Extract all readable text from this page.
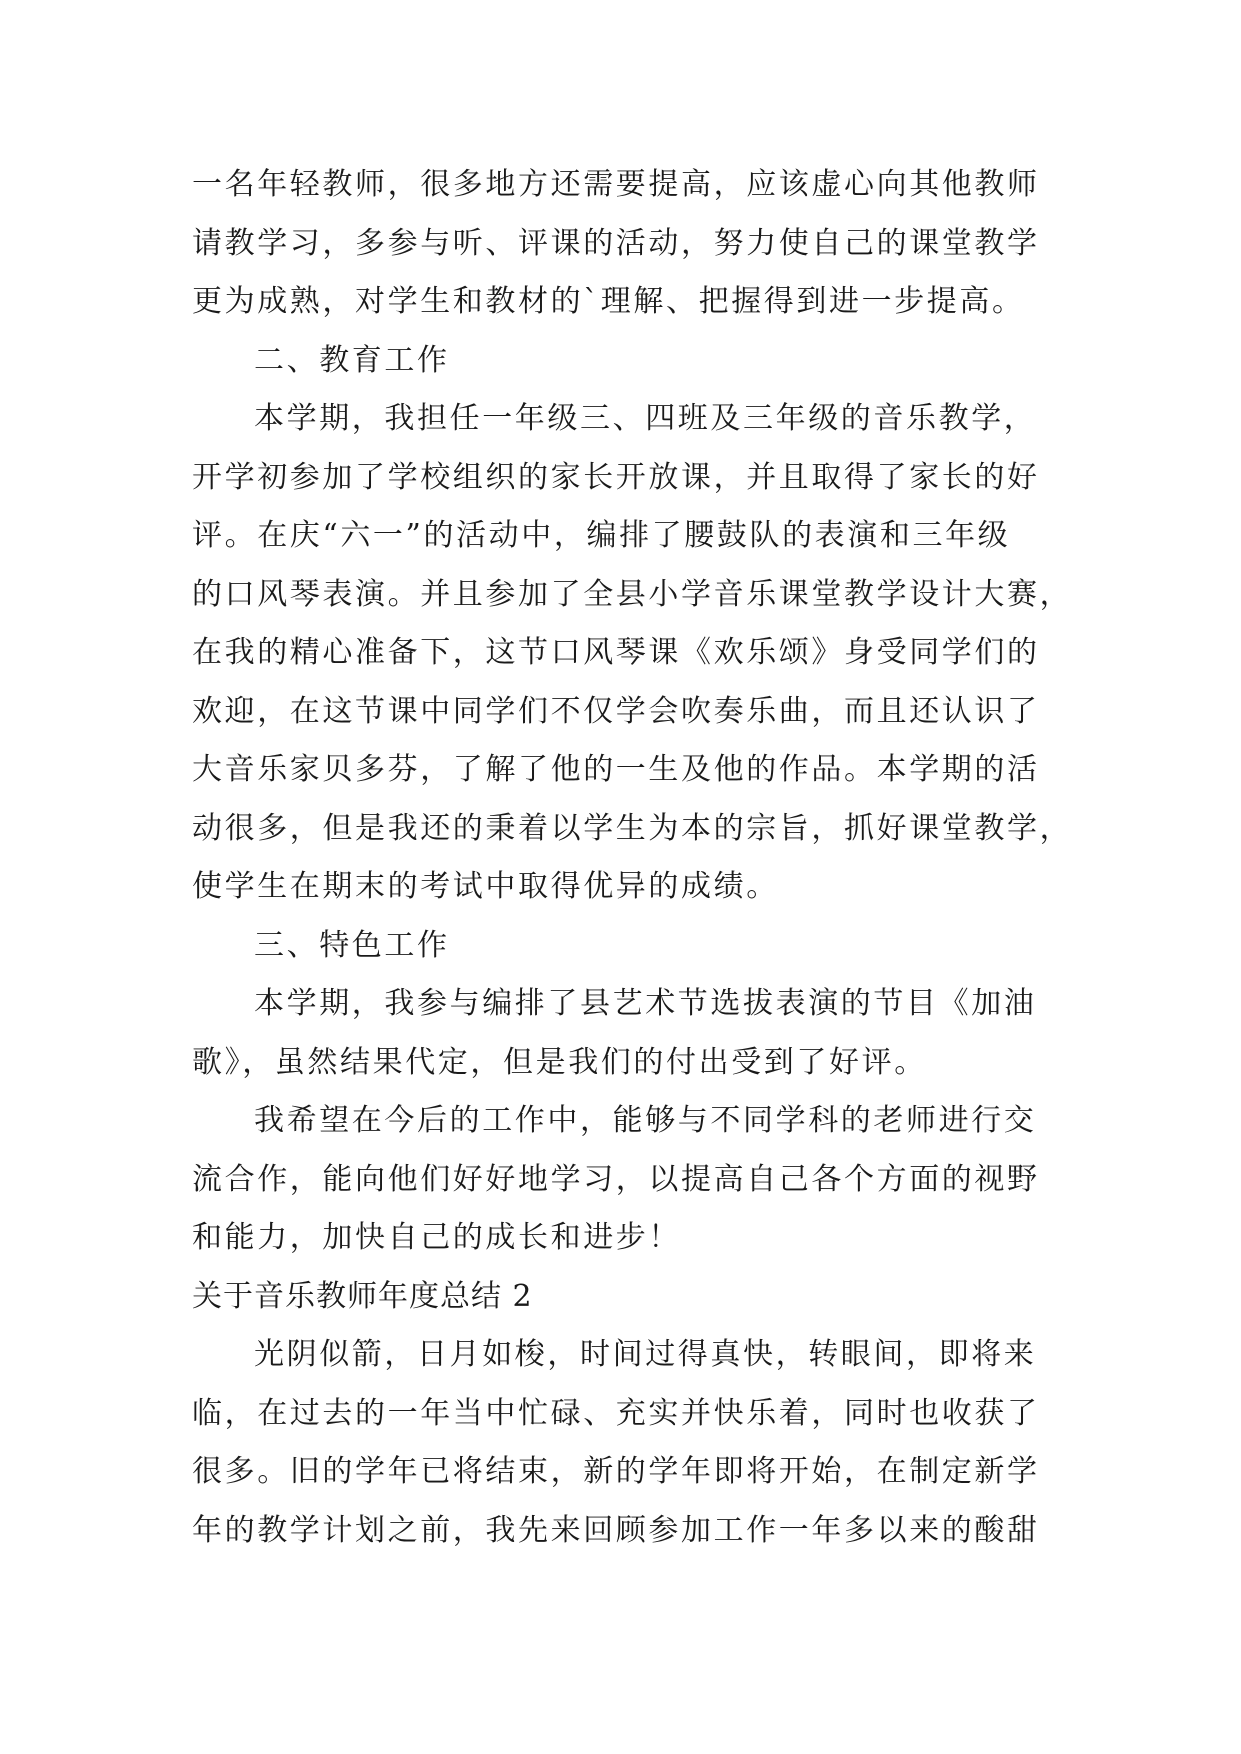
一名年轻教师，很多地方还需要提高，应该虚心向其他教师

请教学习，多参与听、评课的活动，努力使自己的课堂教学

更为成熟，对学生和教材的`理解、把握得到进一步提高。

二、教育工作

本学期，我担任一年级三、四班及三年级的音乐教学，

开学初参加了学校组织的家长开放课，并且取得了家长的好

评。在庆“六一”的活动中，编排了腰鼓队的表演和三年级

的口风琴表演。并且参加了全县小学音乐课堂教学设计大赛，

在我的精心准备下，这节口风琴课《欢乐颂》身受同学们的

欢迎，在这节课中同学们不仅学会吹奏乐曲，而且还认识了

大音乐家贝多芬，了解了他的一生及他的作品。本学期的活

动很多，但是我还的秉着以学生为本的宗旨，抓好课堂教学，

使学生在期末的考试中取得优异的成绩。

三、特色工作

本学期，我参与编排了县艺术节选拔表演的节目《加油

歌》，虽然结果代定，但是我们的付出受到了好评。

我希望在今后的工作中，能够与不同学科的老师进行交

流合作，能向他们好好地学习，以提高自己各个方面的视野

和能力，加快自己的成长和进步！

关于音乐教师年度总结 2

光阴似箭，日月如梭，时间过得真快，转眼间，即将来

临，在过去的一年当中忙碌、充实并快乐着，同时也收获了

很多。旧的学年已将结束，新的学年即将开始，在制定新学

年的教学计划之前，我先来回顾参加工作一年多以来的酸甜
